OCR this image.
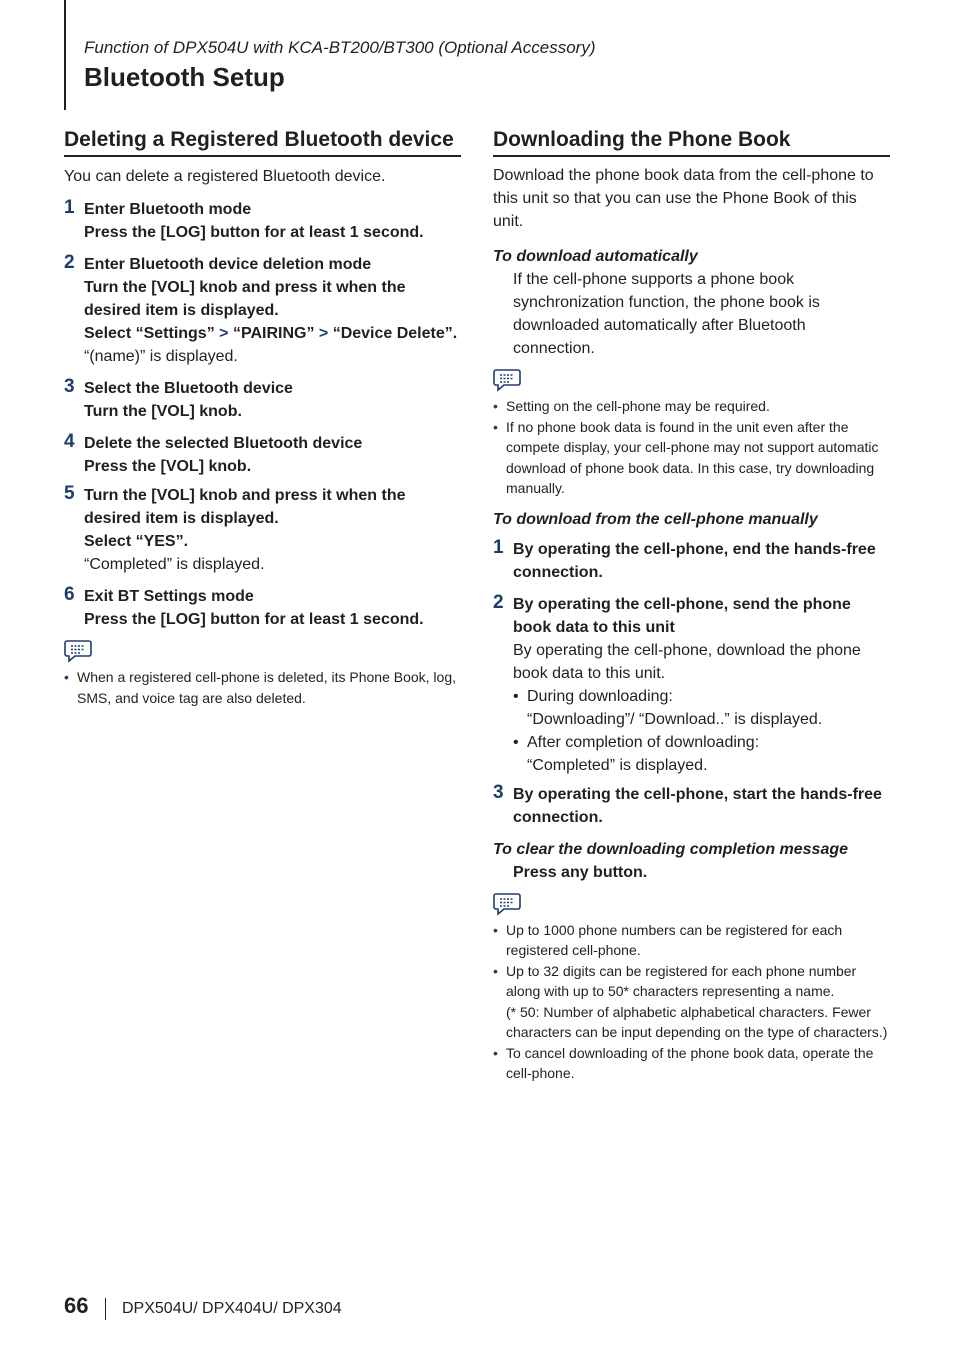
Function of DPX504U with KCA-BT200/BT300 (Optional Accessory)
Bluetooth Setup
Deleting a Registered Bluetooth device
You can delete a registered Bluetooth device.
1 Enter Bluetooth mode
Press the [LOG] button for at least 1 second.
2 Enter Bluetooth device deletion mode
Turn the [VOL] knob and press it when the desired item is displayed.
Select “Settings” > “PAIRING” > “Device Delete”.
“(name)” is displayed.
3 Select the Bluetooth device
Turn the [VOL] knob.
4 Delete the selected Bluetooth device
Press the [VOL] knob.
5 Turn the [VOL] knob and press it when the desired item is displayed.
Select “YES”.
“Completed” is displayed.
6 Exit BT Settings mode
Press the [LOG] button for at least 1 second.
• When a registered cell-phone is deleted, its Phone Book, log, SMS, and voice tag are also deleted.
Downloading the Phone Book
Download the phone book data from the cell-phone to this unit so that you can use the Phone Book of this unit.
To download automatically
If the cell-phone supports a phone book synchronization function, the phone book is downloaded automatically after Bluetooth connection.
• Setting on the cell-phone may be required.
• If no phone book data is found in the unit even after the compete display, your cell-phone may not support automatic download of phone book data. In this case, try downloading manually.
To download from the cell-phone manually
1 By operating the cell-phone, end the hands-free connection.
2 By operating the cell-phone, send the phone book data to this unit
By operating the cell-phone, download the phone book data to this unit.
• During downloading:
“Downloading”/ “Download..” is displayed.
• After completion of downloading:
“Completed” is displayed.
3 By operating the cell-phone, start the hands-free connection.
To clear the downloading completion message
Press any button.
• Up to 1000 phone numbers can be registered for each registered cell-phone.
• Up to 32 digits can be registered for each phone number along with up to 50* characters representing a name.
(* 50: Number of alphabetic alphabetical characters. Fewer characters can be input depending on the type of characters.)
• To cancel downloading of the phone book data, operate the cell-phone.
66 DPX504U/ DPX404U/ DPX304
